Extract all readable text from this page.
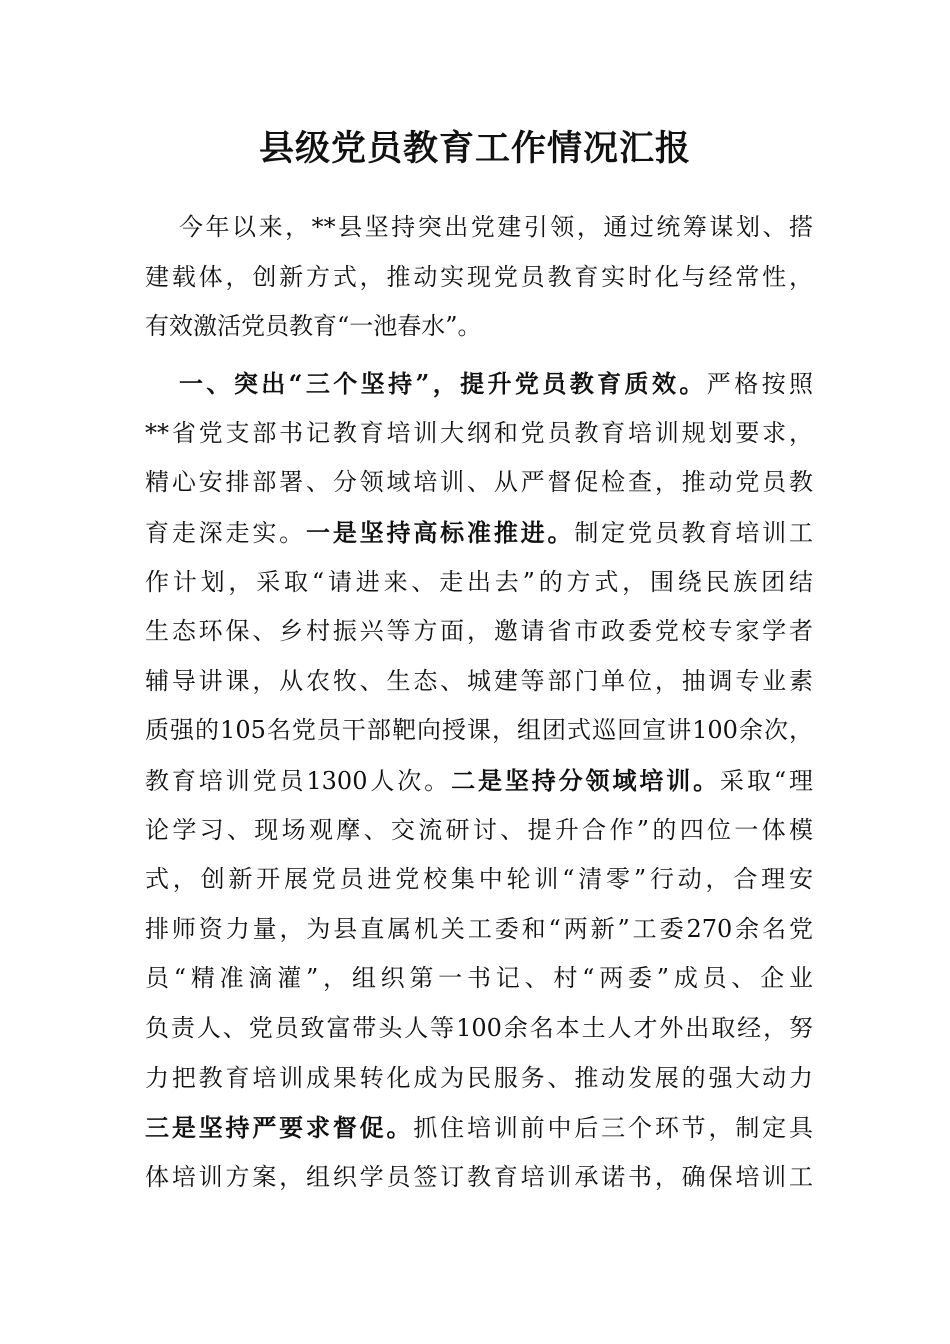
县级党员教育工作情况汇报
今年以来，**县坚持突出党建引领，通过统筹谋划、搭
建载体，创新方式，推动实现党员教育实时化与经常性，
有效激活党员教育“一池春水”。
一、突出“三个坚持”，提升党员教育质效。严格按照
**省党支部书记教育培训大纲和党员教育培训规划要求，
精心安排部署、分领域培训、从严督促检查，推动党员教
育走深走实。一是坚持高标准推进。制定党员教育培训工
作计划，采取“请进来、走出去”的方式，围绕民族团结
生态环保、乡村振兴等方面，邀请省市政委党校专家学者
辅导讲课，从农牧、生态、城建等部门单位，抽调专业素
质强的105名党员干部靶向授课，组团式巡回宣讲100余次，
教育培训党员1300人次。二是坚持分领域培训。采取“理
论学习、现场观摩、交流研讨、提升合作”的四位一体模
式，创新开展党员进党校集中轮训“清零”行动，合理安
排师资力量，为县直属机关工委和“两新”工委270余名党
员“精准滴灌”，组织第一书记、村“两委”成员、企业
负责人、党员致富带头人等100余名本土人才外出取经，努
力把教育培训成果转化成为民服务、推动发展的强大动力
三是坚持严要求督促。抓住培训前中后三个环节，制定具
体培训方案，组织学员签订教育培训承诺书，确保培训工
